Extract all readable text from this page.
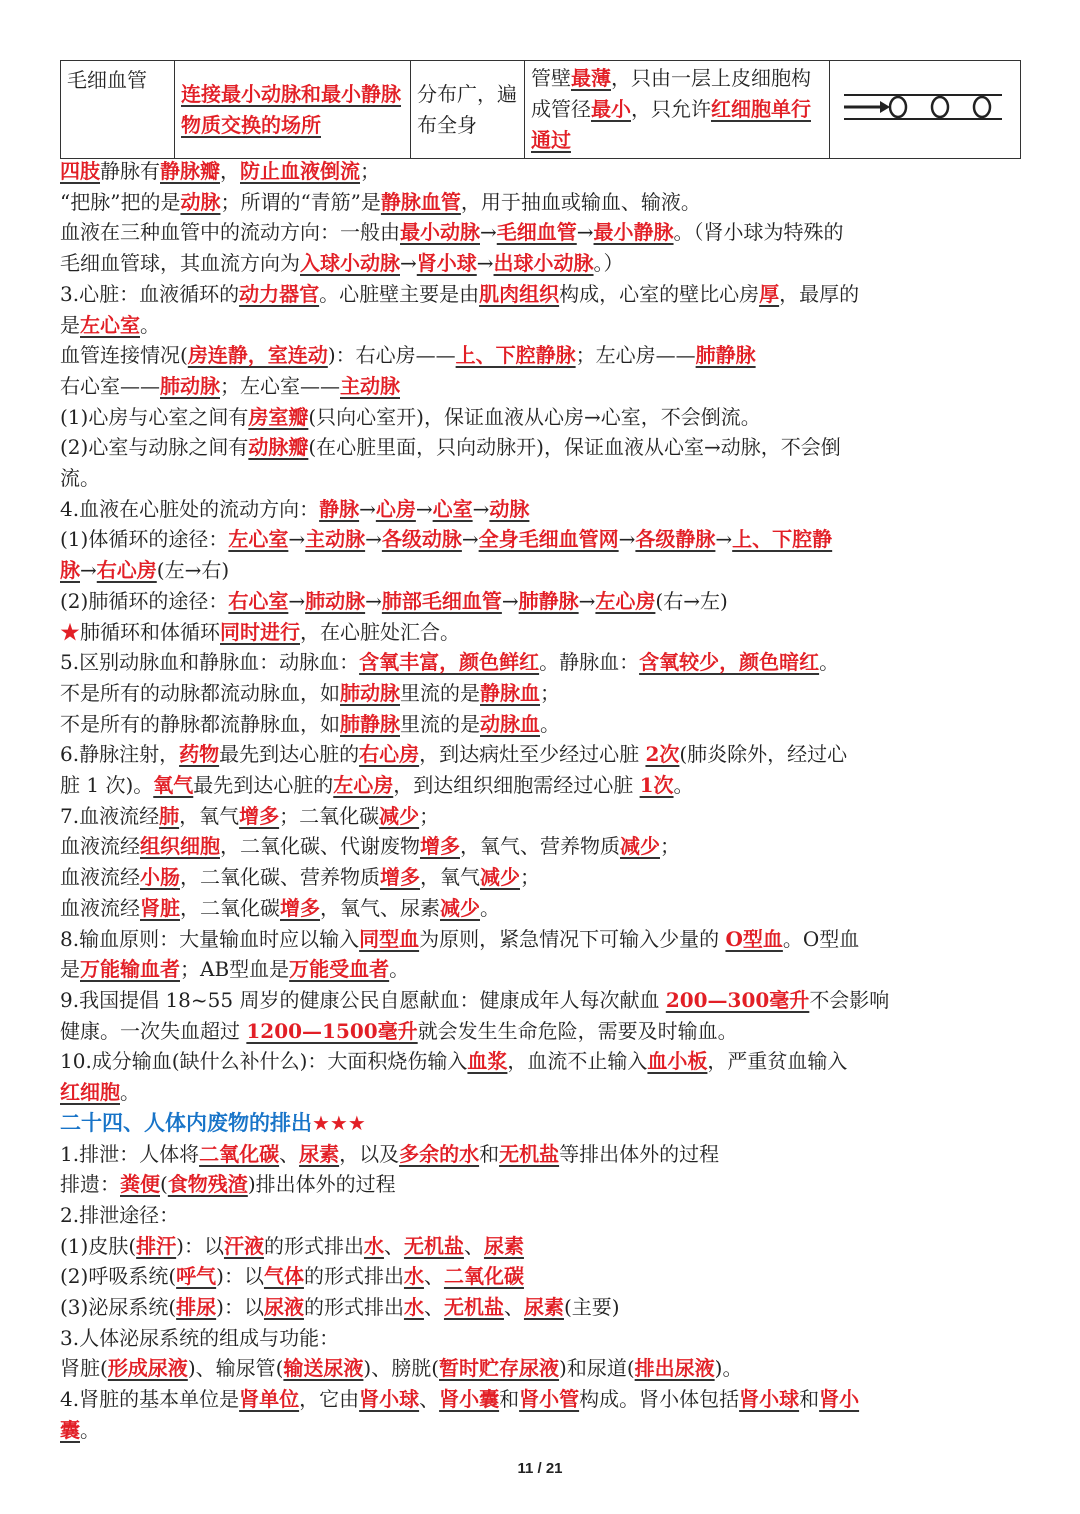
毛细血管	连接最小动脉和最小静脉物质交换的场所	分布广，遍布全身	管壁最薄，只由一层上皮细胞构成管径最小，只允许红细胞单行通过	
四肢静脉有静脉瓣，防止血液倒流；
“把脉”把的是动脉；所谓的“青筋”是静脉血管，用于抽血或输血、输液。
血液在三种血管中的流动方向：一般由最小动脉→毛细血管→最小静脉。（肾小球为特殊的
毛细血管球，其血流方向为入球小动脉→肾小球→出球小动脉。）
3.心脏：血液循环的动力器官。心脏壁主要是由肌肉组织构成，心室的壁比心房厚，最厚的
是左心室。
血管连接情况(房连静，室连动)：右心房——上、下腔静脉；左心房——肺静脉
右心室——肺动脉；左心室——主动脉
(1)心房与心室之间有房室瓣(只向心室开)，保证血液从心房→心室，不会倒流。
(2)心室与动脉之间有动脉瓣(在心脏里面，只向动脉开)，保证血液从心室→动脉，不会倒
流。
4.血液在心脏处的流动方向：静脉→心房→心室→动脉
(1)体循环的途径：左心室→主动脉→各级动脉→全身毛细血管网→各级静脉→上、下腔静
脉→右心房(左→右)
(2)肺循环的途径：右心室→肺动脉→肺部毛细血管→肺静脉→左心房(右→左)
★肺循环和体循环同时进行，在心脏处汇合。
5.区别动脉血和静脉血：动脉血：含氧丰富，颜色鲜红。静脉血：含氧较少，颜色暗红。
不是所有的动脉都流动脉血，如肺动脉里流的是静脉血；
不是所有的静脉都流静脉血，如肺静脉里流的是动脉血。
6.静脉注射，药物最先到达心脏的右心房，到达病灶至少经过心脏 2次(肺炎除外，经过心
脏 1 次)。氧气最先到达心脏的左心房，到达组织细胞需经过心脏 1次。
7.血液流经肺，氧气增多；二氧化碳减少；
血液流经组织细胞，二氧化碳、代谢废物增多，氧气、营养物质减少；
血液流经小肠，二氧化碳、营养物质增多，氧气减少；
血液流经肾脏，二氧化碳增多，氧气、尿素减少。
8.输血原则：大量输血时应以输入同型血为原则，紧急情况下可输入少量的 O型血。O型血
是万能输血者；AB型血是万能受血者。
9.我国提倡 18~55 周岁的健康公民自愿献血：健康成年人每次献血 200—300毫升不会影响
健康。一次失血超过 1200—1500毫升就会发生生命危险，需要及时输血。
10.成分输血(缺什么补什么)：大面积烧伤输入血浆，血流不止输入血小板，严重贫血输入
红细胞。
二十四、人体内废物的排出★★★
1.排泄：人体将二氧化碳、尿素，以及多余的水和无机盐等排出体外的过程
排遗：粪便(食物残渣)排出体外的过程
2.排泄途径：
(1)皮肤(排汗)：以汗液的形式排出水、无机盐、尿素
(2)呼吸系统(呼气)：以气体的形式排出水、二氧化碳
(3)泌尿系统(排尿)：以尿液的形式排出水、无机盐、尿素(主要)
3.人体泌尿系统的组成与功能：
肾脏(形成尿液)、输尿管(输送尿液)、膀胱(暂时贮存尿液)和尿道(排出尿液)。
4.肾脏的基本单位是肾单位，它由肾小球、肾小囊和肾小管构成。肾小体包括肾小球和肾小
囊。
11 / 21
